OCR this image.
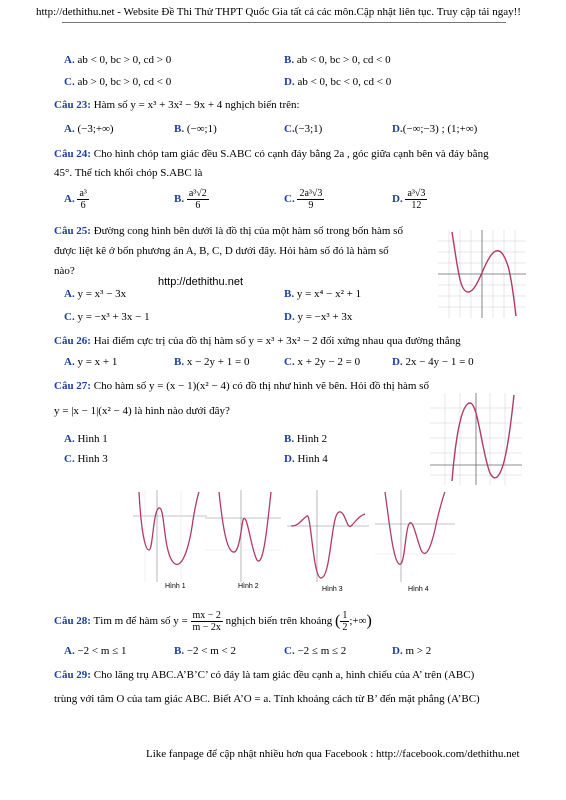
http://dethithu.net - Website Đề Thi Thử THPT Quốc Gia tất cả các môn.Cập nhật liên tục. Truy cập tải ngay!!
A. ab < 0, bc > 0, cd > 0	B. ab < 0, bc > 0, cd < 0
C. ab > 0, bc > 0, cd < 0	D. ab < 0, bc < 0, cd < 0
Câu 23: Hàm số y = x³ + 3x² − 9x + 4 nghịch biến trên:
A. (−3;+∞)	B. (−∞;1)	C.(−3;1)	D.(−∞;−3) ; (1;+∞)
Câu 24: Cho hình chóp tam giác đều S.ABC có cạnh đáy bằng 2a , góc giữa cạnh bên và đáy bằng
45°. Thể tích khối chóp S.ABC là
A. $\frac{\text{a³}}{6}$	B. $\frac{\text{a³√2}}{6}$	C. $\frac{\text{2a³√3}}{9}$	D. $\frac{\text{a³√3}}{12}$
Câu 25: Đường cong hình bên dưới là đồ thị của một hàm số trong bốn hàm số
được liệt kê ở bốn phương án A, B, C, D dưới đây. Hỏi hàm số đó là hàm số
nào?
http://dethithu.net
A. y = x³ − 3x	B. y = x⁴ − x² + 1
C. y = −x³ + 3x − 1	D. y = −x³ + 3x
Câu 26: Hai điểm cực trị của đồ thị hàm số y = x³ + 3x² − 2 đối xứng nhau qua đường thẳng
A. y = x + 1	B. x − 2y + 1 = 0	C. x + 2y − 2 = 0	D. 2x − 4y − 1 = 0
Câu 27: Cho hàm số y = (x − 1)(x² − 4) có đồ thị như hình vẽ bên. Hỏi đồ thị hàm số
y = |x − 1|(x² − 4) là hình nào dưới đây?
A. Hình 1	B. Hình 2
C. Hình 3	D. Hình 4
Hình 1	Hình 2	Hình 3	Hình 4
Câu 28: Tìm m để hàm số $y = \frac{mx - 2}{m - 2x}$ nghịch biến trên khoảng ( $\frac{1}{2}$ ;+∞)
A. −2 < m ≤ 1	B. −2 < m < 2	C. −2 ≤ m ≤ 2	D. m > 2
Câu 29: Cho lăng trụ ABC.A’B’C’ có đáy là tam giác đều cạnh a, hình chiếu của A’ trên (ABC)
trùng với tâm O của tam giác ABC. Biết A’O = a. Tính khoảng cách từ B’ đến mặt phẳng (A’BC)
Like fanpage để cập nhật nhiều hơn qua Facebook : http://facebook.com/dethithu.net
